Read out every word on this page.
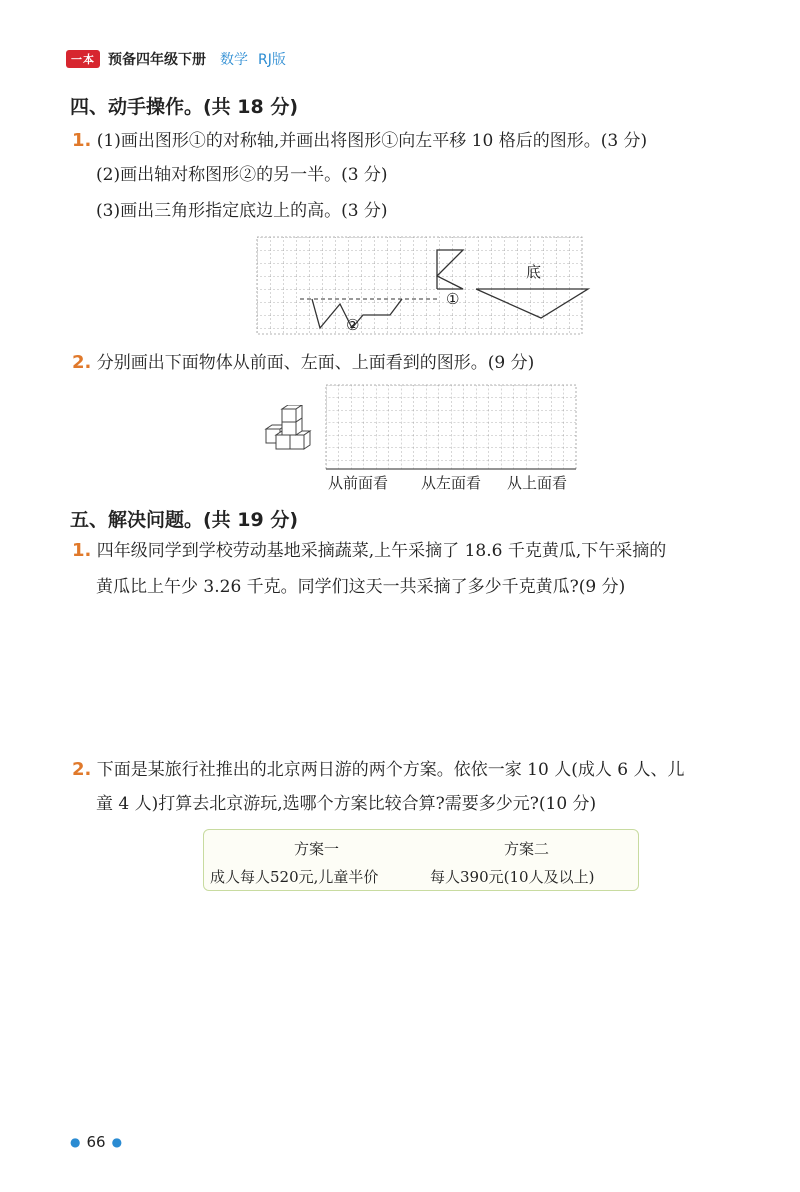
一本 预备四年级下册 数学 RJ版
四、动手操作。(共 18 分)
1. (1)画出图形①的对称轴,并画出将图形①向左平移 10 格后的图形。(3 分)
(2)画出轴对称图形②的另一半。(3 分)
(3)画出三角形指定底边上的高。(3 分)
①
②
底
2. 分别画出下面物体从前面、左面、上面看到的图形。(9 分)
从前面看 从左面看 从上面看
五、解决问题。(共 19 分)
1. 四年级同学到学校劳动基地采摘蔬菜,上午采摘了 18.6 千克黄瓜,下午采摘的
黄瓜比上午少 3.26 千克。同学们这天一共采摘了多少千克黄瓜?(9 分)
2. 下面是某旅行社推出的北京两日游的两个方案。依依一家 10 人(成人 6 人、儿
童 4 人)打算去北京游玩,选哪个方案比较合算?需要多少元?(10 分)
方案一	方案二
成人每人520元,儿童半价	每人390元(10人及以上)
● 66 ●
